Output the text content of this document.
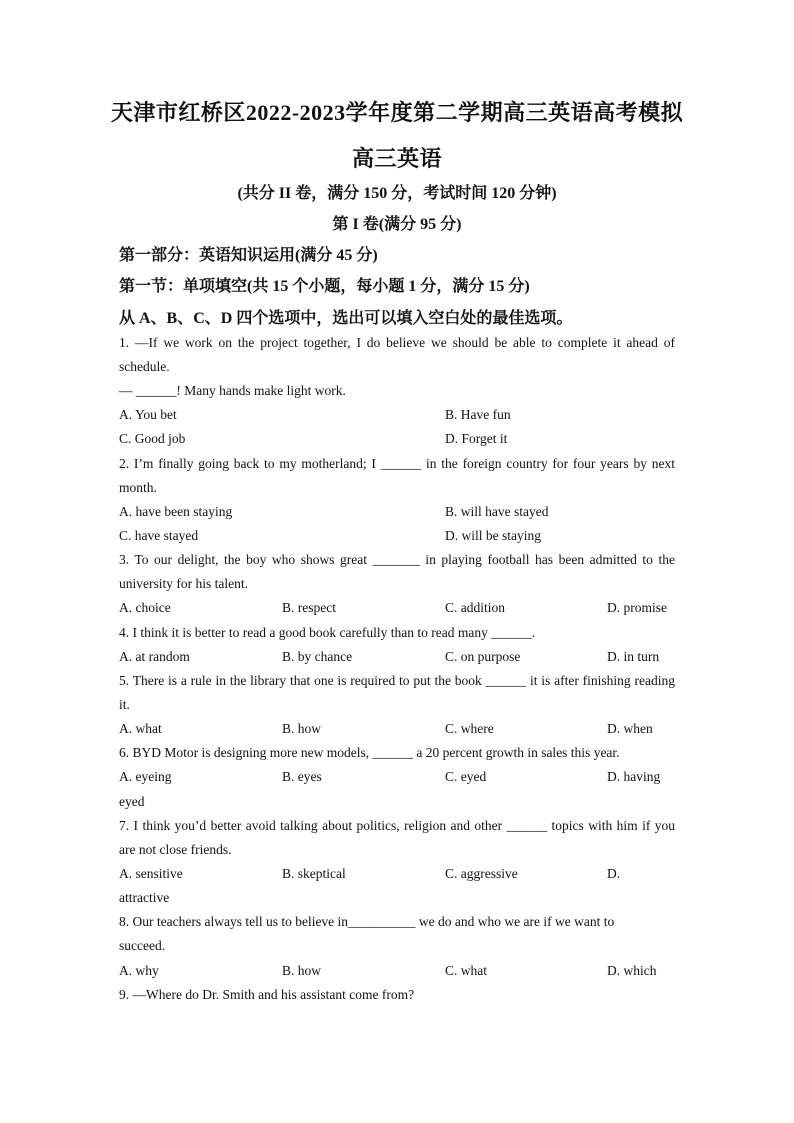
天津市红桥区2022-2023学年度第二学期高三英语高考模拟
高三英语
(共分 II 卷，满分 150 分，考试时间 120 分钟)
第 I 卷(满分 95 分)
第一部分：英语知识运用(满分 45 分)
第一节：单项填空(共 15 个小题，每小题 1 分，满分 15 分)
从 A、B、C、D 四个选项中，选出可以填入空白处的最佳选项。
1. —If we work on the project together, I do believe we should be able to complete it ahead of
schedule.
— ______! Many hands make light work.
A. You bet	B. Have fun
C. Good job	D. Forget it
2. I’m finally going back to my motherland; I ______ in the foreign country for four years by next
month.
A. have been staying	B. will have stayed
C. have stayed	D. will be staying
3. To our delight, the boy who shows great _______ in playing football has been admitted to the
university for his talent.
A. choice	B. respect	C. addition	D. promise
4. I think it is better to read a good book carefully than to read many ______.
A. at random	B. by chance	C. on purpose	D. in turn
5. There is a rule in the library that one is required to put the book ______ it is after finishing reading
it.
A. what	B. how	C. where	D. when
6. BYD Motor is designing more new models, ______ a 20 percent growth in sales this year.
A. eyeing	B. eyes	C. eyed	D. having
eyed
7. I think you’d better avoid talking about politics, religion and other ______ topics with him if you
are not close friends.
A. sensitive	B. skeptical	C. aggressive	D.
attractive
8. Our teachers always tell us to believe in__________ we do and who we are if we want to
succeed.
A. why	B. how	C. what	D. which
9. —Where do Dr. Smith and his assistant come from?
